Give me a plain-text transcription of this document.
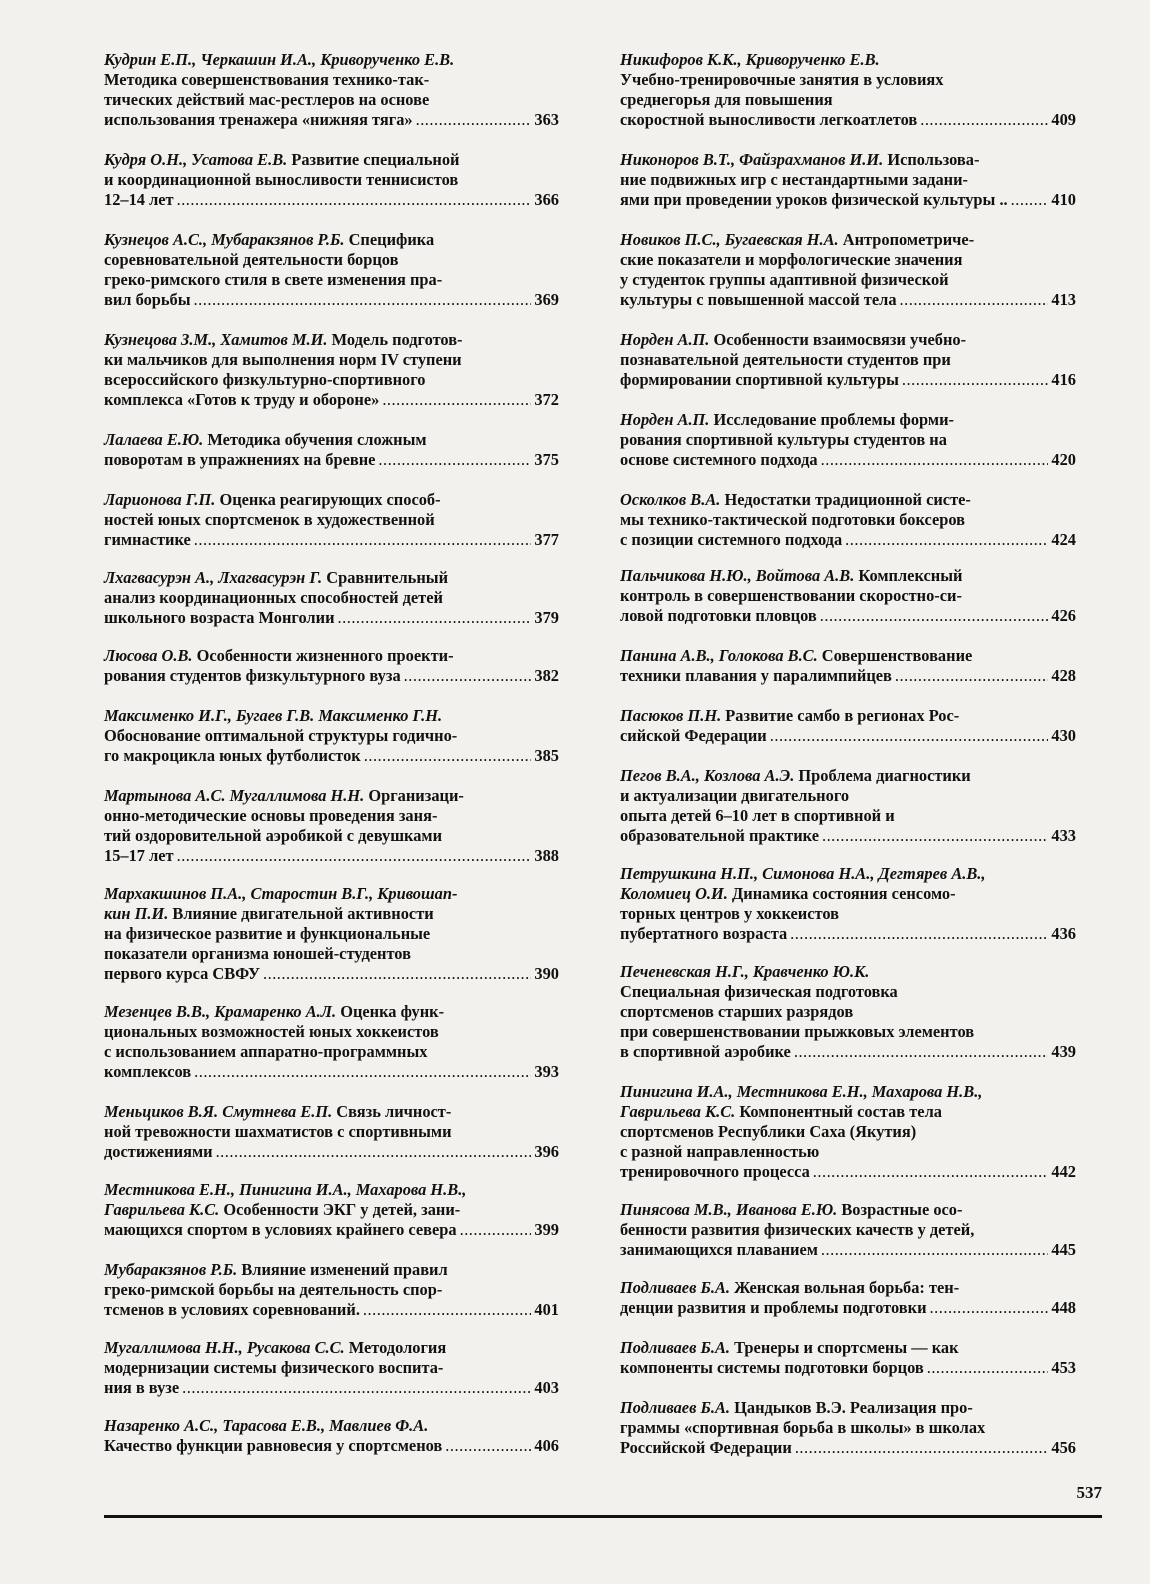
Кудрин Е.П., Черкашин И.А., Криворученко Е.В.
Методика совершенствования технико-так-
тических действий мас-рестлеров на основе
использования тренажера «нижняя тяга» .....	363
Кудря О.Н., Усатова Е.В. Развитие специальной
и координационной выносливости теннисистов
12–14 лет .....	366
Кузнецов А.С., Мубаракзянов Р.Б. Специфика
соревновательной деятельности борцов
греко-римского стиля в свете изменения пра-
вил борьбы .....	369
Кузнецова З.М., Хамитов М.И. Модель подготов-
ки мальчиков для выполнения норм IV ступени
всероссийского физкультурно-спортивного
комплекса «Готов к труду и обороне» .....	372
Лалаева Е.Ю. Методика обучения сложным
поворотам в упражнениях на бревне .....	375
Ларионова Г.П. Оценка реагирующих способ-
ностей юных спортсменок в художественной
гимнастике .....	377
Лхагвасурэн А., Лхагвасурэн Г. Сравнительный
анализ координационных способностей детей
школьного возраста Монголии .....	379
Люсова О.В. Особенности жизненного проекти-
рования студентов физкультурного вуза .....	382
Максименко И.Г., Бугаев Г.В. Максименко Г.Н.
Обоснование оптимальной структуры годично-
го макроцикла юных футболисток .....	385
Мартынова А.С. Мугаллимова Н.Н. Организаци-
онно-методические основы проведения заня-
тий оздоровительной аэробикой с девушками
15–17 лет .....	388
Мархакшинов П.А., Старостин В.Г., Кривошап-
кин П.И. Влияние двигательной активности
на физическое развитие и функциональные
показатели организма юношей-студентов
первого курса СВФУ .....	390
Мезенцев В.В., Крамаренко А.Л. Оценка функ-
циональных возможностей юных хоккеистов
с использованием аппаратно-программных
комплексов .....	393
Меньциков В.Я. Смутнева Е.П. Связь личност-
ной тревожности шахматистов с спортивными
достижениями .....	396
Местникова Е.Н., Пинигина И.А., Махарова Н.В.,
Гаврильева К.С. Особенности ЭКГ у детей, зани-
мающихся спортом в условиях крайнего севера .....	399
Мубаракзянов Р.Б. Влияние изменений правил
греко-римской борьбы на деятельность спор-
тсменов в условиях соревнований. .....	401
Мугаллимова Н.Н., Русакова С.С. Методология
модернизации системы физического воспита-
ния в вузе .....	403
Назаренко А.С., Тарасова Е.В., Мавлиев Ф.А.
Качество функции равновесия у спортсменов .....	406
Никифоров К.К., Криворученко Е.В.
Учебно-тренировочные занятия в условиях
среднегорья для повышения
скоростной выносливости легкоатлетов .....	409
Никоноров В.Т., Файзрахманов И.И. Использова-
ние подвижных игр с нестандартными задани-
ями при проведении уроков физической культуры .. .....	410
Новиков П.С., Бугаевская Н.А. Антропометриче-
ские показатели и морфологические значения
у студенток группы адаптивной физической
культуры с повышенной массой тела .....	413
Норден А.П. Особенности взаимосвязи учебно-
познавательной деятельности студентов при
формировании спортивной культуры .....	416
Норден А.П. Исследование проблемы форми-
рования спортивной культуры студентов на
основе системного подхода .....	420
Осколков В.А. Недостатки традиционной систе-
мы технико-тактической подготовки боксеров
с позиции системного подхода .....	424
Пальчикова Н.Ю., Войтова А.В. Комплексный
контроль в совершенствовании скоростно-си-
ловой подготовки пловцов .....	426
Панина А.В., Голокова В.С. Совершенствование
техники плавания у паралимпийцев .....	428
Пасюков П.Н. Развитие самбо в регионах Рос-
сийской Федерации .....	430
Пегов В.А., Козлова А.Э. Проблема диагностики
и актуализации двигательного
опыта детей 6–10 лет в спортивной и
образовательной практике .....	433
Петрушкина Н.П., Симонова Н.А., Дегтярев А.В.,
Коломиец О.И. Динамика состояния сенсомо-
торных центров у хоккеистов
пубертатного возраста .....	436
Печеневская Н.Г., Кравченко Ю.К.
Специальная физическая подготовка
спортсменов старших разрядов
при совершенствовании прыжковых элементов
в спортивной аэробике .....	439
Пинигина И.А., Местникова Е.Н., Махарова Н.В.,
Гаврильева К.С. Компонентный состав тела
спортсменов Республики Саха (Якутия)
с разной направленностью
тренировочного процесса .....	442
Пинясова М.В., Иванова Е.Ю. Возрастные осо-
бенности развития физических качеств у детей,
занимающихся плаванием .....	445
Подливаев Б.А. Женская вольная борьба: тен-
денции развития и проблемы подготовки .....	448
Подливаев Б.А. Тренеры и спортсмены — как
компоненты системы подготовки борцов .....	453
Подливаев Б.А. Цандыков В.Э. Реализация про-
граммы «спортивная борьба в школы» в школах
Российской Федерации .....	456
537
